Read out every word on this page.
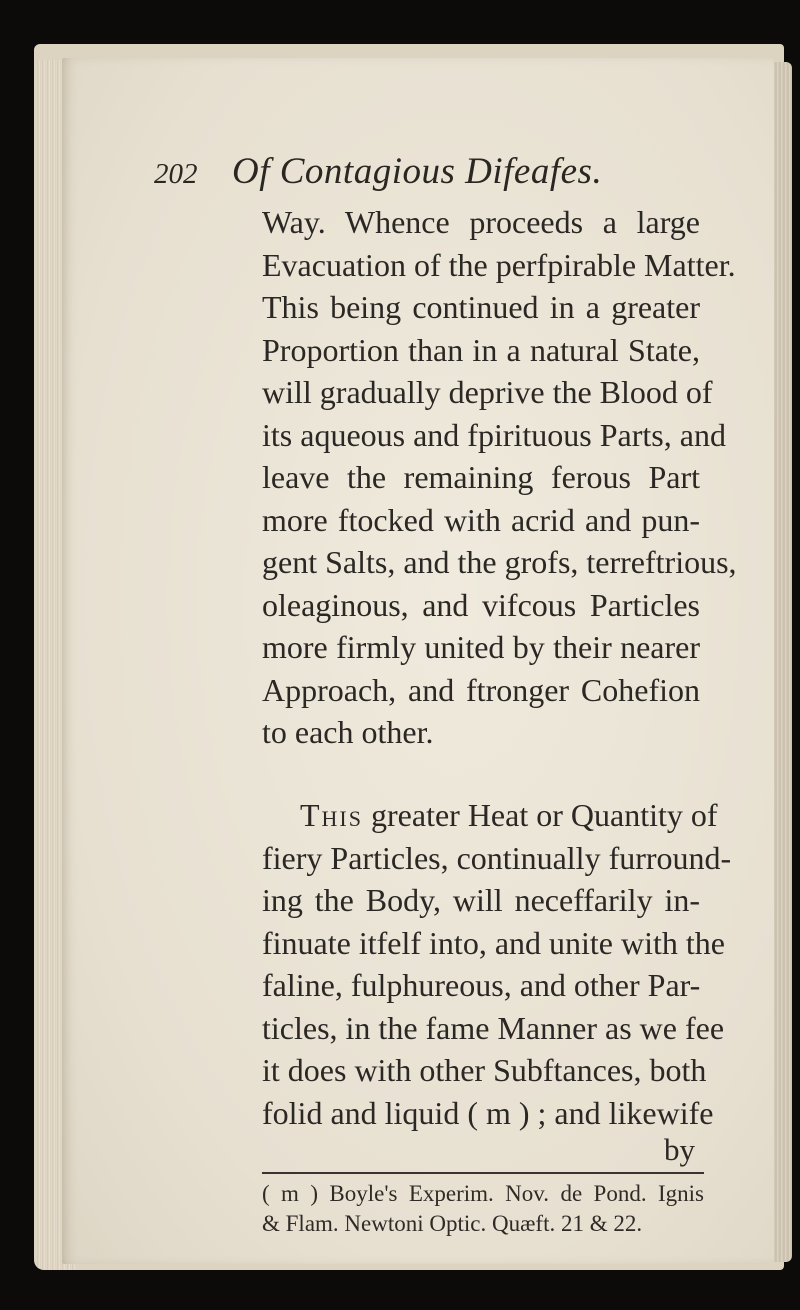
202 Of Contagious Difeafes.
Way. Whence proceeds a large
Evacuation of the perfpirable Matter.
This being continued in a greater
Proportion than in a natural State,
will gradually deprive the Blood of
its aqueous and fpirituous Parts, and
leave the remaining ferous Part
more ftocked with acrid and pun-
gent Salts, and the grofs, terreftrious,
oleaginous, and vifcous Particles
more firmly united by their nearer
Approach, and ftronger Cohefion
to each other.
This greater Heat or Quantity of
fiery Particles, continually furround-
ing the Body, will neceffarily in-
finuate itfelf into, and unite with the
faline, fulphureous, and other Par-
ticles, in the fame Manner as we fee
it does with other Subftances, both
folid and liquid ( m ) ; and likewife
by
( m ) Boyle's Experim. Nov. de Pond. Ignis
& Flam. Newtoni Optic. Quæft. 21 & 22.
